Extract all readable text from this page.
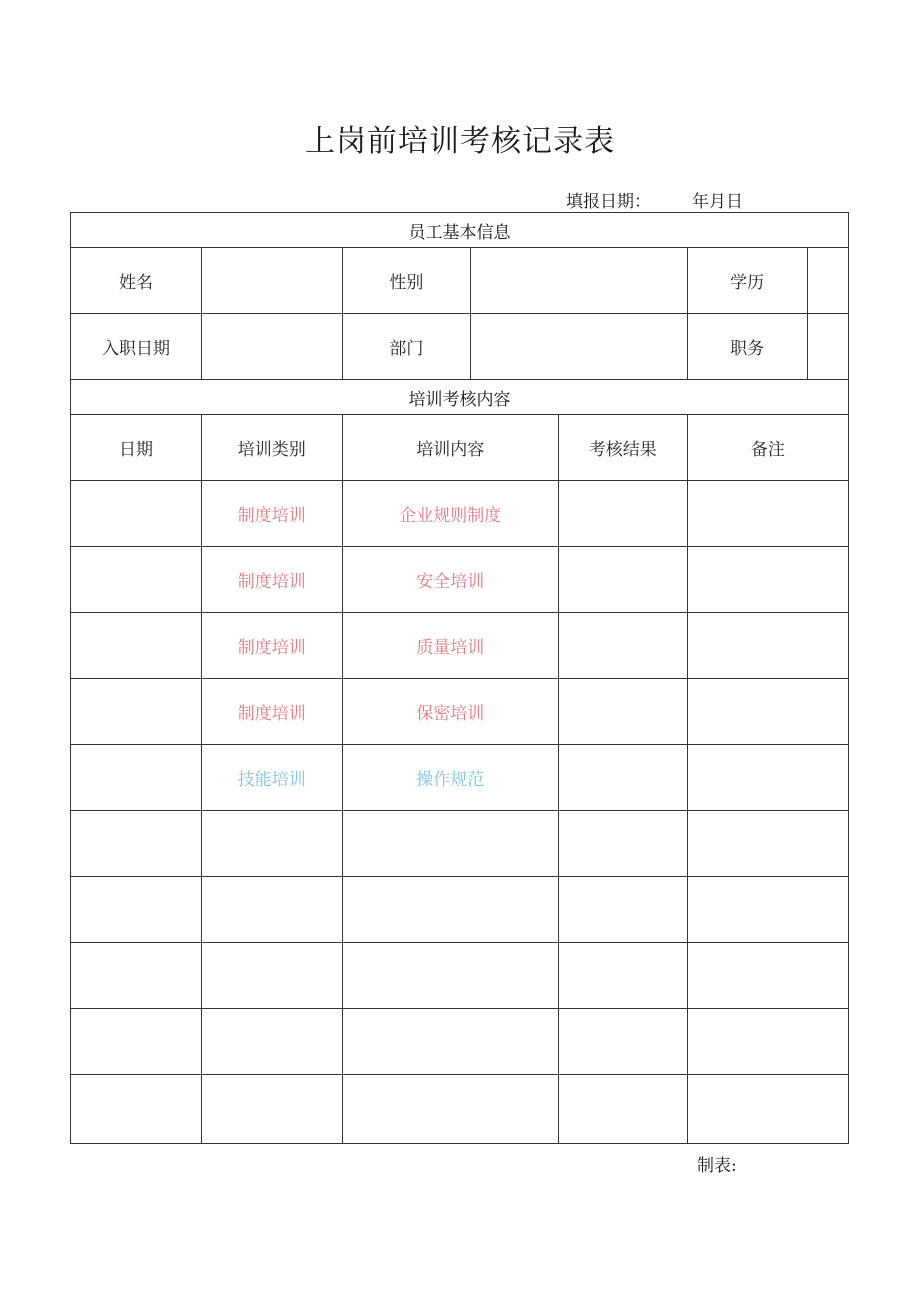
上岗前培训考核记录表
填报日期： 年月日
员工基本信息					
姓名		性别			学历

入职日期		部门			职务

培训考核内容					
日期	培训类别	培训内容		考核结果	备注
	制度培训	企业规则制度			
	制度培训	安全培训			
	制度培训	质量培训			
	制度培训	保密培训			
	技能培训	操作规范			

制表:
